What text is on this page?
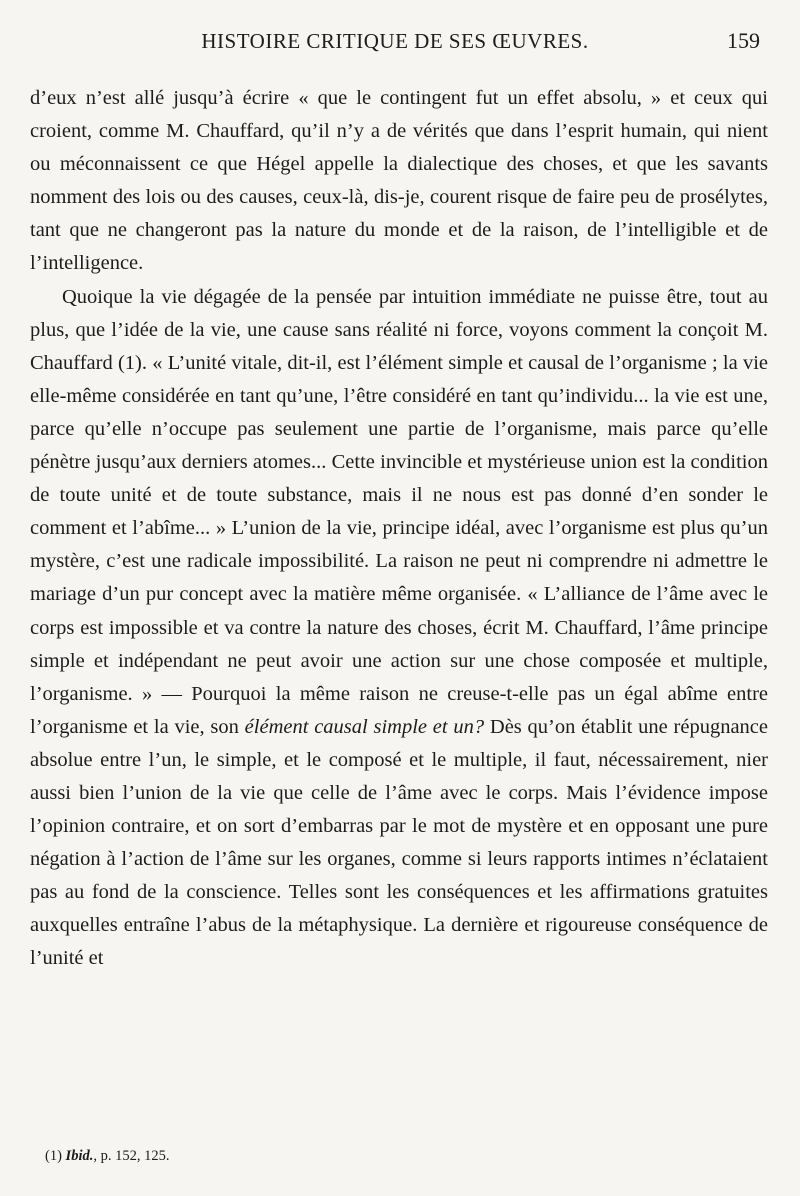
HISTOIRE CRITIQUE DE SES ŒUVRES.	159

d’eux n’est allé jusqu’à écrire « que le contingent fut un effet absolu, » et ceux qui croient, comme M. Chauffard, qu’il n’y a de vérités que dans l’esprit humain, qui nient ou méconnaissent ce que Hégel appelle la dialectique des choses, et que les savants nomment des lois ou des causes, ceux-là, dis-je, courent risque de faire peu de prosélytes, tant que ne changeront pas la nature du monde et de la raison, de l’intelligible et de l’intelligence.

Quoique la vie dégagée de la pensée par intuition immédiate ne puisse être, tout au plus, que l’idée de la vie, une cause sans réalité ni force, voyons comment la conçoit M. Chauffard (1). « L’unité vitale, dit-il, est l’élément simple et causal de l’organisme ; la vie elle-même considérée en tant qu’une, l’être considéré en tant qu’individu... la vie est une, parce qu’elle n’occupe pas seulement une partie de l’organisme, mais parce qu’elle pénètre jusqu’aux derniers atomes... Cette invincible et mystérieuse union est la condition de toute unité et de toute substance, mais il ne nous est pas donné d’en sonder le comment et l’abîme... » L’union de la vie, principe idéal, avec l’organisme est plus qu’un mystère, c’est une radicale impossibilité. La raison ne peut ni comprendre ni admettre le mariage d’un pur concept avec la matière même organisée. « L’alliance de l’âme avec le corps est impossible et va contre la nature des choses, écrit M. Chauffard, l’âme principe simple et indépendant ne peut avoir une action sur une chose composée et multiple, l’organisme. » — Pourquoi la même raison ne creuse-t-elle pas un égal abîme entre l’organisme et la vie, son élément causal simple et un? Dès qu’on établit une répugnance absolue entre l’un, le simple, et le composé et le multiple, il faut, nécessairement, nier aussi bien l’union de la vie que celle de l’âme avec le corps. Mais l’évidence impose l’opinion contraire, et on sort d’embarras par le mot de mystère et en opposant une pure négation à l’action de l’âme sur les organes, comme si leurs rapports intimes n’éclataient pas au fond de la conscience. Telles sont les conséquences et les affirmations gratuites auxquelles entraîne l’abus de la métaphysique. La dernière et rigoureuse conséquence de l’unité et

(1) Ibid., p. 152, 125.
